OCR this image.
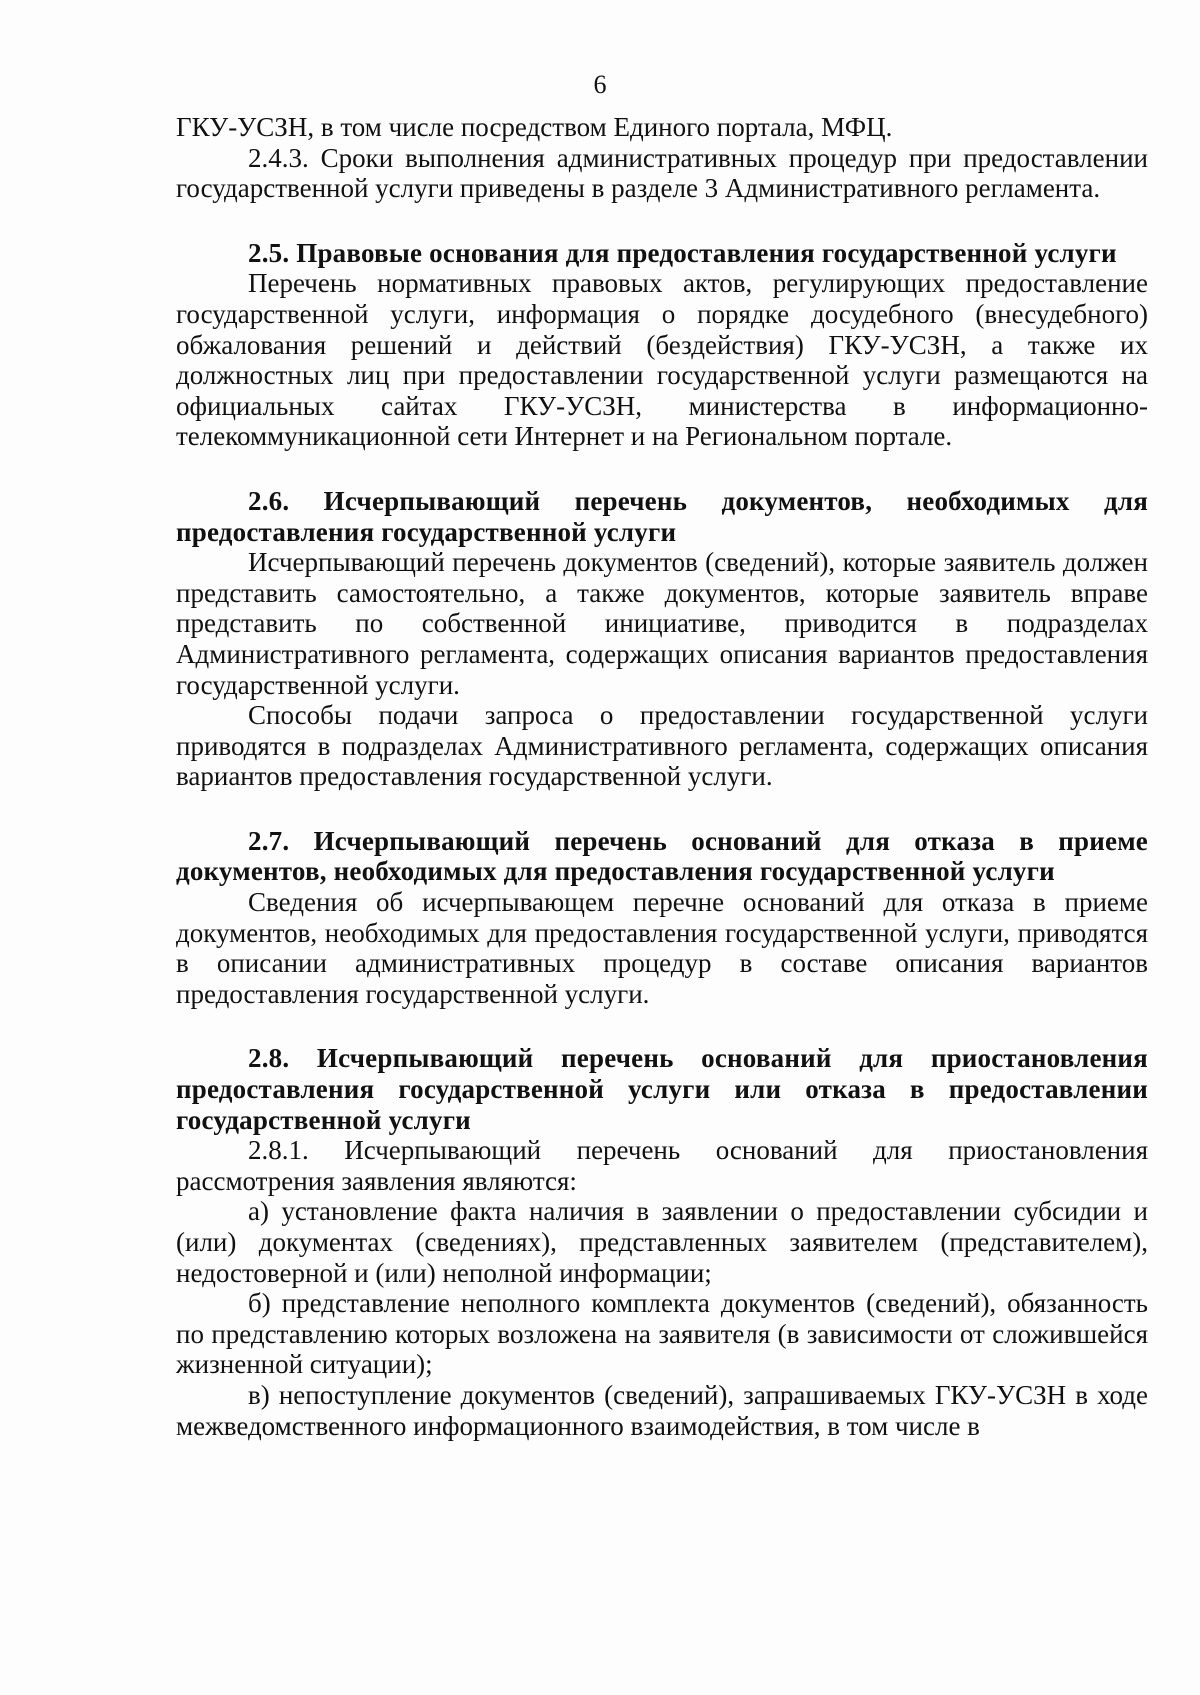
6

ГКУ-УСЗН, в том числе посредством Единого портала, МФЦ.

2.4.3. Сроки выполнения административных процедур при предоставлении государственной услуги приведены в разделе 3 Административного регламента.

2.5. Правовые основания для предоставления государственной услуги

Перечень нормативных правовых актов, регулирующих предоставление государственной услуги, информация о порядке досудебного (внесудебного) обжалования решений и действий (бездействия) ГКУ-УСЗН, а также их должностных лиц при предоставлении государственной услуги размещаются на официальных сайтах ГКУ-УСЗН, министерства в информационно-телекоммуникационной сети Интернет и на Региональном портале.

2.6. Исчерпывающий перечень документов, необходимых для предоставления государственной услуги

Исчерпывающий перечень документов (сведений), которые заявитель должен представить самостоятельно, а также документов, которые заявитель вправе представить по собственной инициативе, приводится в подразделах Административного регламента, содержащих описания вариантов предоставления государственной услуги.

Способы подачи запроса о предоставлении государственной услуги приводятся в подразделах Административного регламента, содержащих описания вариантов предоставления государственной услуги.

2.7. Исчерпывающий перечень оснований для отказа в приеме документов, необходимых для предоставления государственной услуги

Сведения об исчерпывающем перечне оснований для отказа в приеме документов, необходимых для предоставления государственной услуги, приводятся в описании административных процедур в составе описания вариантов предоставления государственной услуги.

2.8. Исчерпывающий перечень оснований для приостановления предоставления государственной услуги или отказа в предоставлении государственной услуги

2.8.1. Исчерпывающий перечень оснований для приостановления рассмотрения заявления являются:

а) установление факта наличия в заявлении о предоставлении субсидии и (или) документах (сведениях), представленных заявителем (представителем), недостоверной и (или) неполной информации;

б) представление неполного комплекта документов (сведений), обязанность по представлению которых возложена на заявителя (в зависимости от сложившейся жизненной ситуации);

в) непоступление документов (сведений), запрашиваемых ГКУ-УСЗН в ходе межведомственного информационного взаимодействия, в том числе в
